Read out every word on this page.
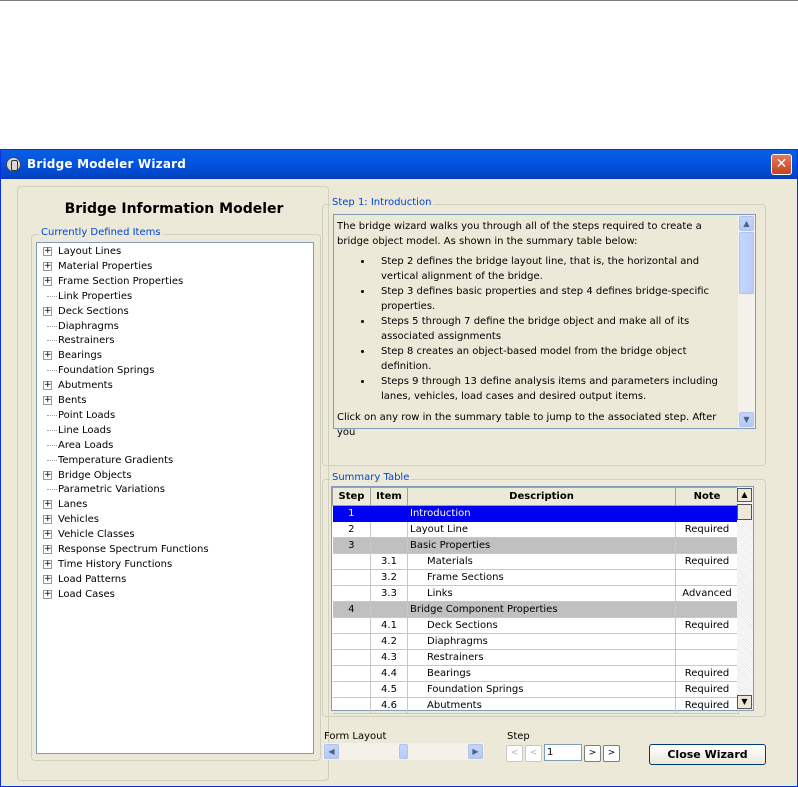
Bridge Modeler Wizard	✕
Bridge Information Modeler
Currently Defined Items
+ Layout Lines
+ Material Properties
+ Frame Section Properties
Link Properties
+ Deck Sections
Diaphragms
Restrainers
+ Bearings
Foundation Springs
+ Abutments
+ Bents
Point Loads
Line Loads
Area Loads
Temperature Gradients
+ Bridge Objects
Parametric Variations
+ Lanes
+ Vehicles
+ Vehicle Classes
+ Response Spectrum Functions
+ Time History Functions
+ Load Patterns
+ Load Cases
Step 1: Introduction

The bridge wizard walks you through all of the steps required to create a bridge object model. As shown in the summary table below:

• Step 2 defines the bridge layout line, that is, the horizontal and vertical alignment of the bridge.
• Step 3 defines basic properties and step 4 defines bridge-specific properties.
• Steps 5 through 7 define the bridge object and make all of its associated assignments
• Step 8 creates an object-based model from the bridge object definition.
• Steps 9 through 13 define analysis items and parameters including lanes, vehicles, load cases and desired output items.

Click on any row in the summary table to jump to the associated step. After you

▲
▼
Summary Table
Step	Item	Description	Note
1		Introduction	
2		Layout Line	Required
3		Basic Properties	
	3.1	Materials	Required
	3.2	Frame Sections	
	3.3	Links	Advanced
4		Bridge Component Properties	
	4.1	Deck Sections	Required
	4.2	Diaphragms	
	4.3	Restrainers	
	4.4	Bearings	Required
	4.5	Foundation Springs	Required
	4.6	Abutments	Required
▲
▼
Form Layout
◀	▶
Step
<	< 1	>	>	Close Wizard
